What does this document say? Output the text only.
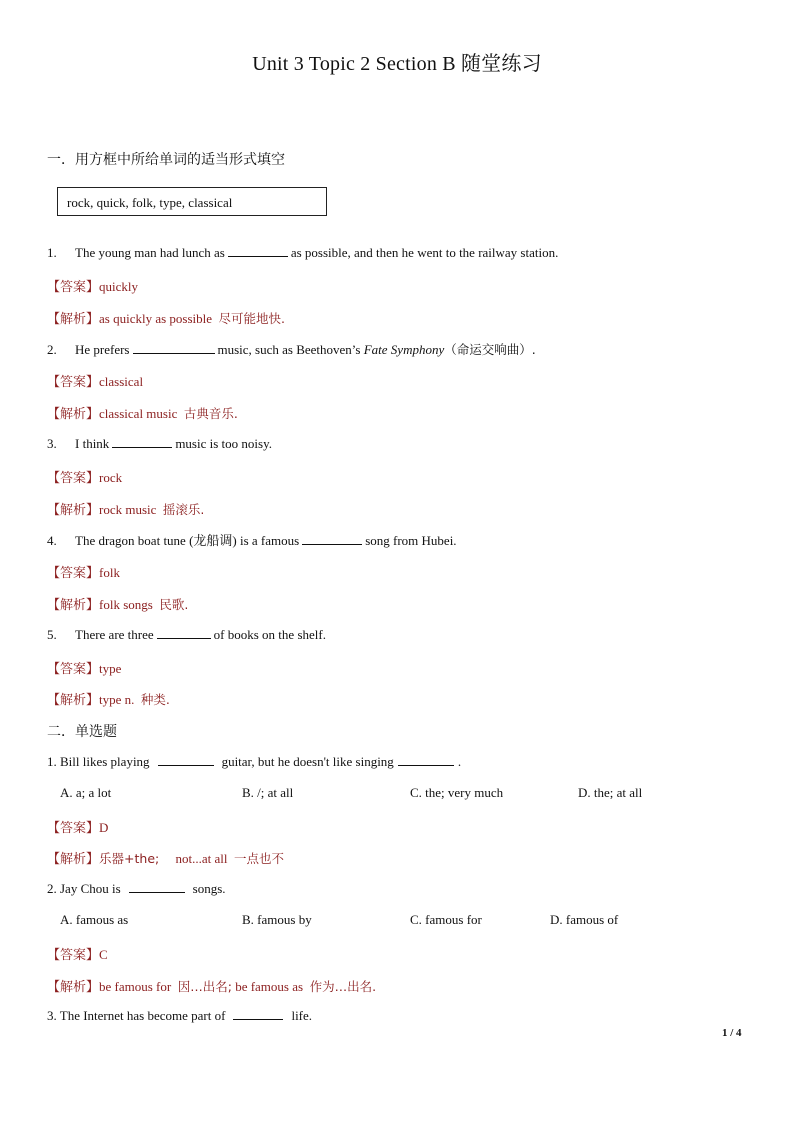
Unit 3 Topic 2 Section B 随堂练习
一．用方框中所给单词的适当形式填空
rock, quick, folk, type, classical
1. The young man had lunch as	as possible, and then he went to the railway station.
【答案】quickly
【解析】as quickly as possible 尽可能地快.
2. He prefers	music, such as Beethoven’s Fate Symphony（命运交响曲）.
【答案】classical
【解析】classical music 古典音乐.
3. I think	music is too noisy.
【答案】rock
【解析】rock music 摇滚乐.
4. The dragon boat tune (龙船调) is a famous	song from Hubei.
【答案】folk
【解析】folk songs 民歌.
5. There are three	of books on the shelf.
【答案】type
【解析】type n. 种类.
二．单选题
1. Bill likes playing	guitar, but he doesn't like singing	.
A. a; a lot	B. /; at all	C. the; very much	D. the; at all
【答案】D
【解析】乐器+the; not...at all 一点也不
2. Jay Chou is	songs.
A. famous as	B. famous by	C. famous for	D. famous of
【答案】C
【解析】be famous for 因…出名; be famous as 作为…出名.
3. The Internet has become part of	life.
1 / 4
